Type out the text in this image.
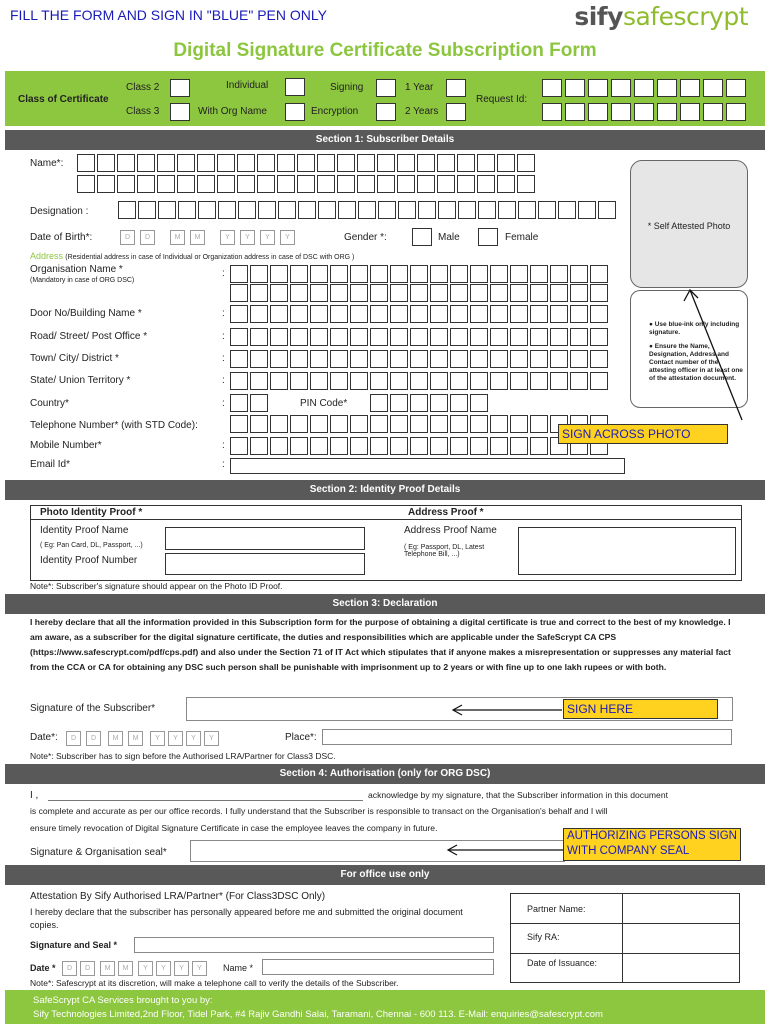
FILL THE FORM AND SIGN IN "BLUE" PEN ONLY	sifysafescrypt
Digital Signature Certificate Subscription Form
Class of Certificate
Class 2
Class 3
Individual
With Org Name
Signing
Encryption
1 Year
2 Years
Request Id:
Section 1: Subscriber Details
Name*:
Designation :
Date of Birth*:	D	D	M	M	Y	Y	Y	Y	Gender *:	Male	Female
Address (Residential address in case of Individual or Organization address in case of DSC with ORG )
Organisation Name *
(Mandatory in case of ORG DSC)
Door No/Building Name *
Road/ Street/ Post Office *
Town/ City/ District *
State/ Union Territory *
Country*	PIN Code*
Telephone Number* (with STD Code):
Mobile Number*
Email Id*
:
:
:
:
:
:
:
:
* Self Attested Photo
● Use blue-ink only including signature.
● Ensure the Name, Designation, Address and Contact number of the attesting officer in at least one of the attestation document.
SIGN ACROSS PHOTO
Section 2: Identity Proof Details
Photo Identity Proof *	Address Proof *
Identity Proof Name
( Eg: Pan Card, DL, Passport, ...)
Identity Proof Number
Address Proof Name
( Eg: Passport, DL, Latest Telephone Bill, ...)
Note*: Subscriber's signature should appear on the Photo ID Proof.
Section 3: Declaration
I hereby declare that all the information provided in this Subscription form for the purpose of obtaining a digital certificate is true and correct to the best of my knowledge. I am aware, as a subscriber for the digital signature certificate, the duties and responsibilities which are applicable under the SafeScrypt CA CPS (https://www.safescrypt.com/pdf/cps.pdf) and also under the Section 71 of IT Act which stipulates that if anyone makes a misrepresentation or suppresses any material fact from the CCA or CA for obtaining any DSC such person shall be punishable with imprisonment up to 2 years or with fine up to one lakh rupees or with both.
Signature of the Subscriber*	SIGN HERE
Date*:	D	D	M	M	Y	Y	Y	Y	Place*:
Note*: Subscriber has to sign before the Authorised LRA/Partner for Class3 DSC.
Section 4: Authorisation (only for ORG DSC)
I ,	acknowledge by my signature, that the Subscriber information in this document
is complete and accurate as per our office records. I fully understand that the Subscriber is responsible to transact on the Organisation's behalf and I will
ensure timely revocation of Digital Signature Certificate in case the employee leaves the company in future.
Signature & Organisation seal*
AUTHORIZING PERSONS SIGN WITH COMPANY SEAL
For office use only
Attestation By Sify Authorised LRA/Partner* (For Class3DSC Only)
I hereby declare that the subscriber has personally appeared before me and submitted the original document copies.
Signature and Seal *
Date *	D	D	M	M	Y	Y	Y	Y	Name *
Partner Name:
Sify RA:
Date of Issuance:
Note*: Safescrypt at its discretion, will make a telephone call to verify the details of the Subscriber.
SafeScrypt CA Services brought to you by:
Sify Technologies Limited,2nd Floor, Tidel Park, #4 Rajiv Gandhi Salai, Taramani, Chennai - 600 113. E-Mail: enquiries@safescrypt.com
